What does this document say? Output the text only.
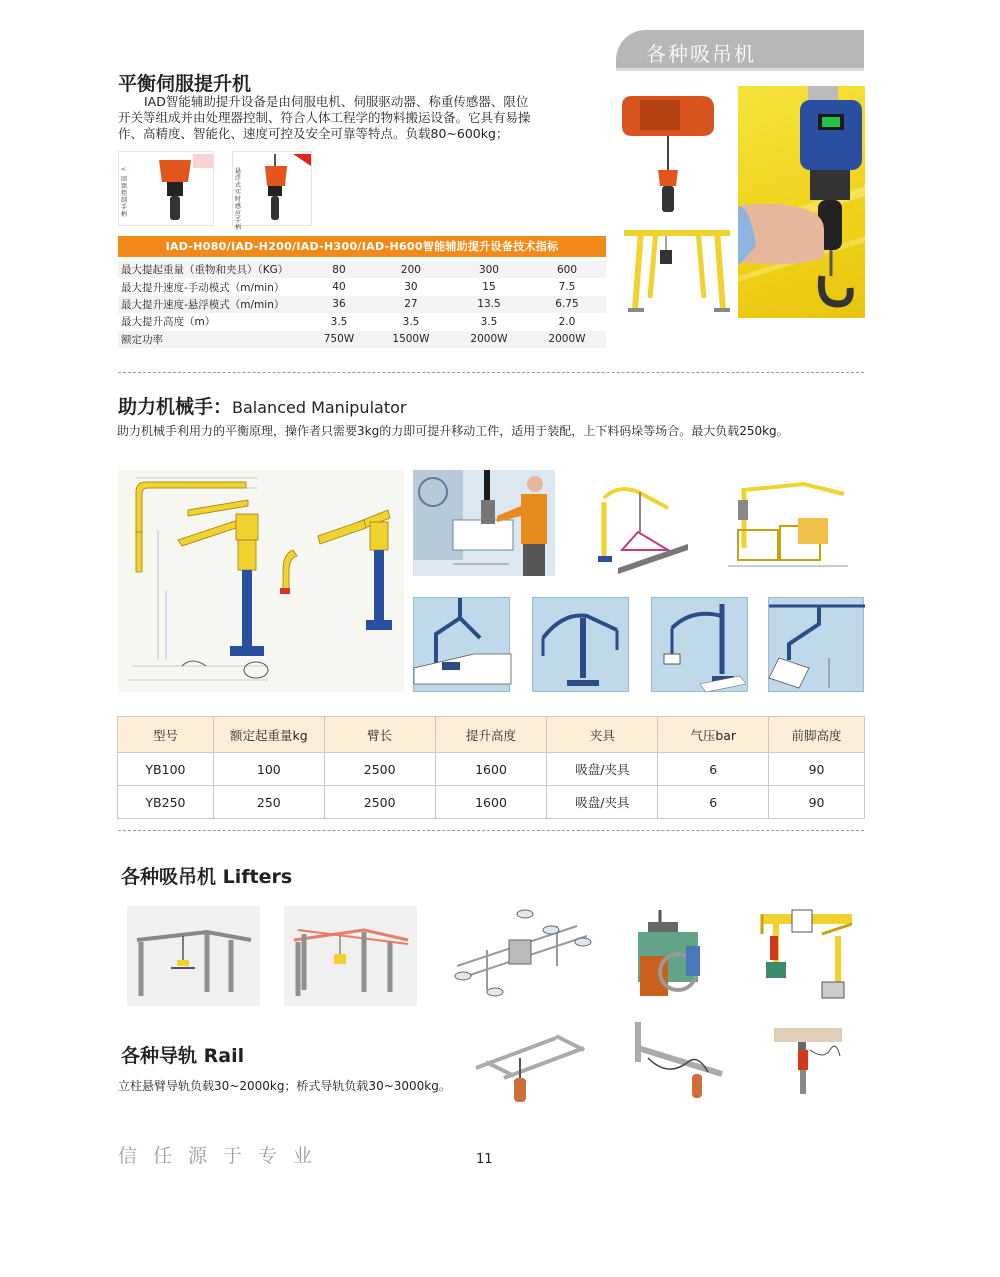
各种吸吊机
平衡伺服提升机
IAD智能辅助提升设备是由伺服电机、伺服驱动器、称重传感器、限位
开关等组成并由处理器控制、符合人体工程学的物料搬运设备。它具有易操
作、高精度、智能化、速度可控及安全可靠等特点。负载80~600kg；
<
回馈控制手柄
悬浮式实时感应手柄
IAD-H080/IAD-H200/IAD-H300/IAD-H600智能辅助提升设备技术指标
最大提起重量（重物和夹具）（KG）	80	200	300	600
最大提升速度-手动模式（m/min）	40	30	15	7.5
最大提升速度-悬浮模式（m/min）	36	27	13.5	6.75
最大提升高度（m）	3.5	3.5	3.5	2.0
额定功率	750W	1500W	2000W	2000W
助力机械手：Balanced Manipulator
助力机械手利用力的平衡原理，操作者只需要3kg的力即可提升移动工件，适用于装配，上下料码垛等场合。最大负载250kg。
型号	额定起重量kg	臂长	提升高度	夹具	气压bar	前脚高度
YB100	100	2500	1600	吸盘/夹具	6	90
YB250	250	2500	1600	吸盘/夹具	6	90
各种吸吊机 Lifters
各种导轨 Rail
立柱悬臂导轨负载30~2000kg；桥式导轨负载30~3000kg。
信任源于专业	11
